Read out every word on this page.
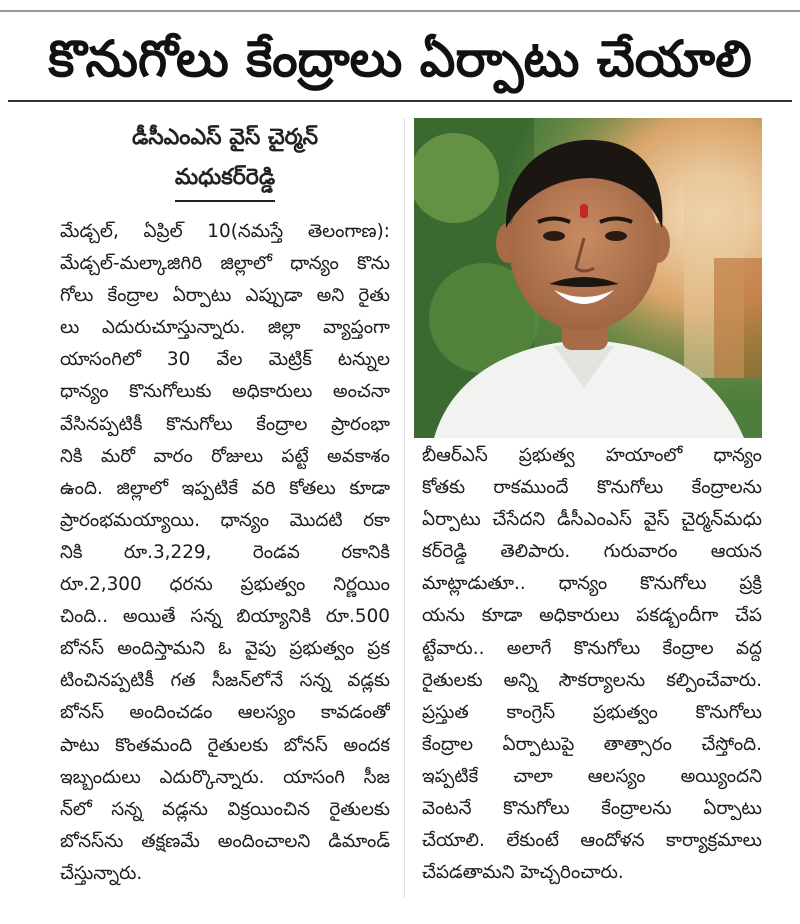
కొనుగోలు కేంద్రాలు ఏర్పాటు చేయాలి
డీసీఎంఎస్ వైస్ చైర్మన్
మధుకర్‌రెడ్డి
మేడ్చల్, ఏప్రిల్ 10(నమస్తే తెలంగాణ):
మేడ్చల్-మల్కాజిగిరి జిల్లాలో ధాన్యం కొను
గోలు కేంద్రాల ఏర్పాటు ఎప్పుడా అని రైతు
లు ఎదురుచూస్తున్నారు. జిల్లా వ్యాప్తంగా
యాసంగిలో 30 వేల మెట్రిక్ టన్నుల
ధాన్యం కొనుగోలుకు అధికారులు అంచనా
వేసినప్పటికీ కొనుగోలు కేంద్రాల ప్రారంభా
నికి మరో వారం రోజులు పట్టే అవకాశం
ఉంది. జిల్లాలో ఇప్పటికే వరి కోతలు కూడా
ప్రారంభమయ్యాయి. ధాన్యం మొదటి రకా
నికి రూ.3,229, రెండవ రకానికి
రూ.2,300 ధరను ప్రభుత్వం నిర్ణయిం
చింది.. అయితే సన్న బియ్యానికి రూ.500
బోనస్ అందిస్తామని ఓ వైపు ప్రభుత్వం ప్రక
టించినప్పటికీ గత సీజన్‌లోనే సన్న వడ్లకు
బోనస్ అందించడం ఆలస్యం కావడంతో
పాటు కొంతమంది రైతులకు బోనస్ అందక
ఇబ్బందులు ఎదుర్కొన్నారు. యాసంగి సీజ
న్‌లో సన్న వడ్లను విక్రయించిన రైతులకు
బోనస్‌ను తక్షణమే అందించాలని డిమాండ్
చేస్తున్నారు.
బీఆర్ఎస్ ప్రభుత్వ హయాంలో ధాన్యం
కోతకు రాకముందే కొనుగోలు కేంద్రాలను
ఏర్పాటు చేసేదని డీసీఎంఎస్ వైస్ చైర్మన్‌మధు
కర్‌రెడ్డి తెలిపారు. గురువారం ఆయన
మాట్లాడుతూ.. ధాన్యం కొనుగోలు ప్రక్రి
యను కూడా అధికారులు పకడ్బందీగా చేప
ట్టేవారు.. అలాగే కొనుగోలు కేంద్రాల వద్ద
రైతులకు అన్ని సౌకర్యాలను కల్పించేవారు.
ప్రస్తుత కాంగ్రెస్ ప్రభుత్వం కొనుగోలు
కేంద్రాల ఏర్పాటుపై తాత్సారం చేస్తోంది.
ఇప్పటికే చాలా ఆలస్యం అయ్యిందని
వెంటనే కొనుగోలు కేంద్రాలను ఏర్పాటు
చేయాలి. లేకుంటే ఆందోళన కార్యాక్రమాలు
చేపడతామని హెచ్చరించారు.
